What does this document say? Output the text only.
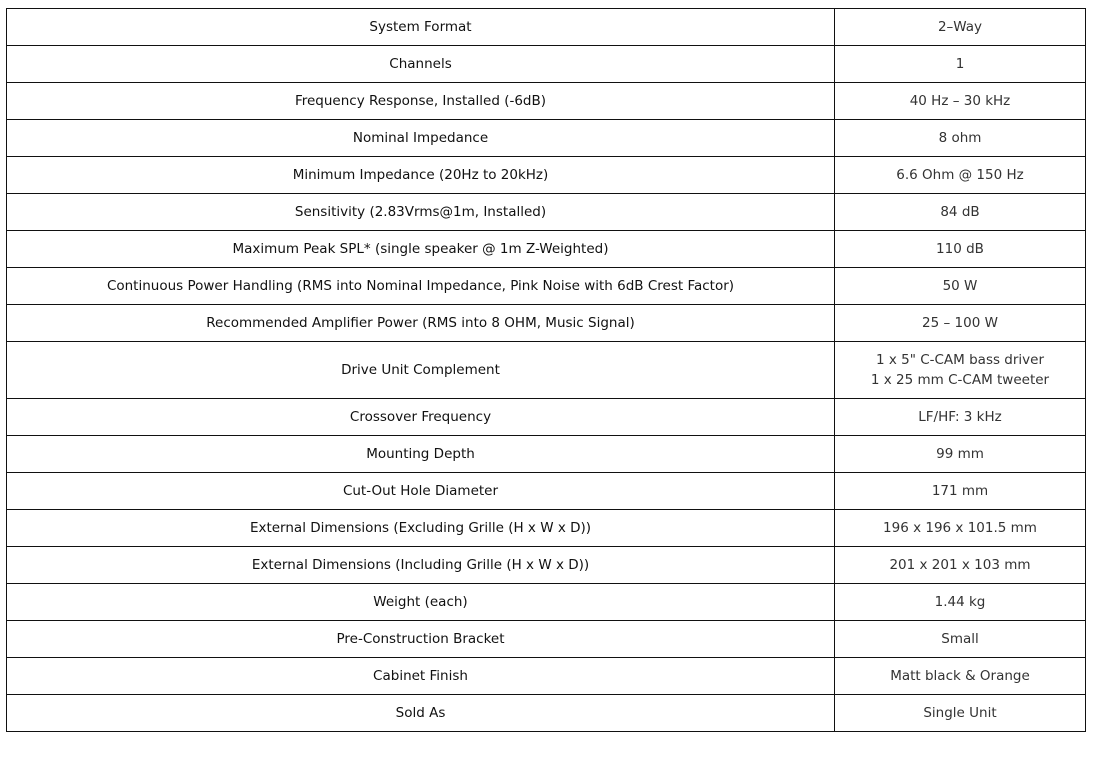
System Format	2–Way
Channels	1
Frequency Response, Installed (-6dB)	40 Hz – 30 kHz
Nominal Impedance	8 ohm
Minimum Impedance (20Hz to 20kHz)	6.6 Ohm @ 150 Hz
Sensitivity (2.83Vrms@1m, Installed)	84 dB
Maximum Peak SPL* (single speaker @ 1m Z-Weighted)	110 dB
Continuous Power Handling (RMS into Nominal Impedance, Pink Noise with 6dB Crest Factor)	50 W
Recommended Amplifier Power (RMS into 8 OHM, Music Signal)	25 – 100 W
Drive Unit Complement	1 x 5" C-CAM bass driver
1 x 25 mm C-CAM tweeter

Crossover Frequency	LF/HF: 3 kHz
Mounting Depth	99 mm
Cut-Out Hole Diameter	171 mm
External Dimensions (Excluding Grille (H x W x D))	196 x 196 x 101.5 mm
External Dimensions (Including Grille (H x W x D))	201 x 201 x 103 mm
Weight (each)	1.44 kg
Pre-Construction Bracket	Small
Cabinet Finish	Matt black & Orange
Sold As	Single Unit
